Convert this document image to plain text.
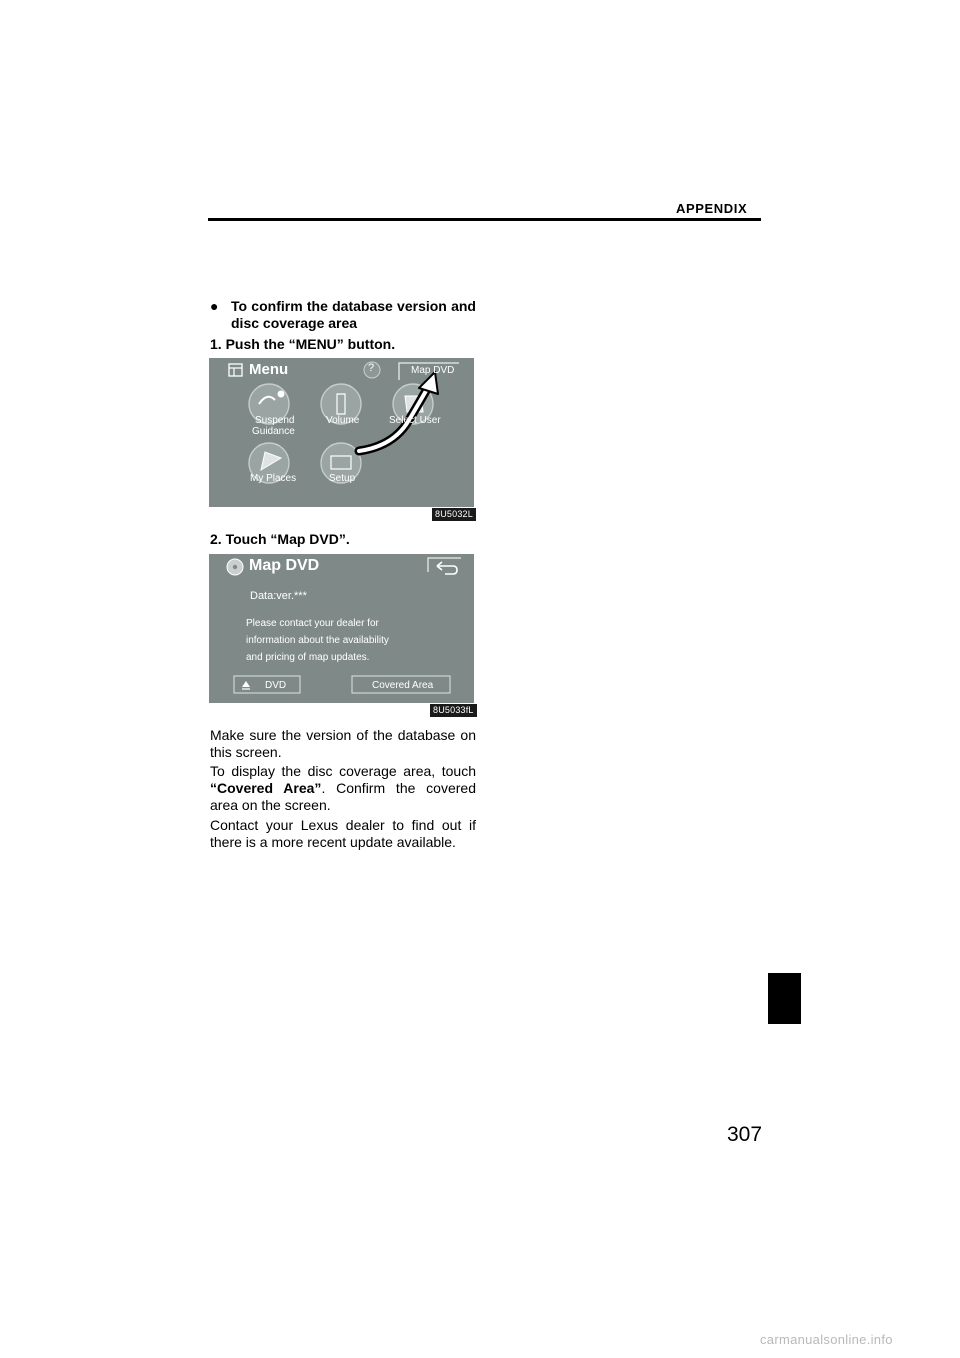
APPENDIX
● To confirm the database version and disc coverage area
1. Push the “MENU” button.
Menu	?	Map DVD
Suspend
Guidance
Volume	Select User
My Places	Setup
8U5032L
2. Touch “Map DVD”.
Map DVD
Data:ver.***
Please contact your dealer for
information about the availability
and pricing of map updates.
DVD	Covered Area
8U5033fL
Make sure the version of the database on this screen.
To display the disc coverage area, touch “Covered Area”. Confirm the covered area on the screen.
Contact your Lexus dealer to find out if there is a more recent update available.
307
carmanualsonline.info
